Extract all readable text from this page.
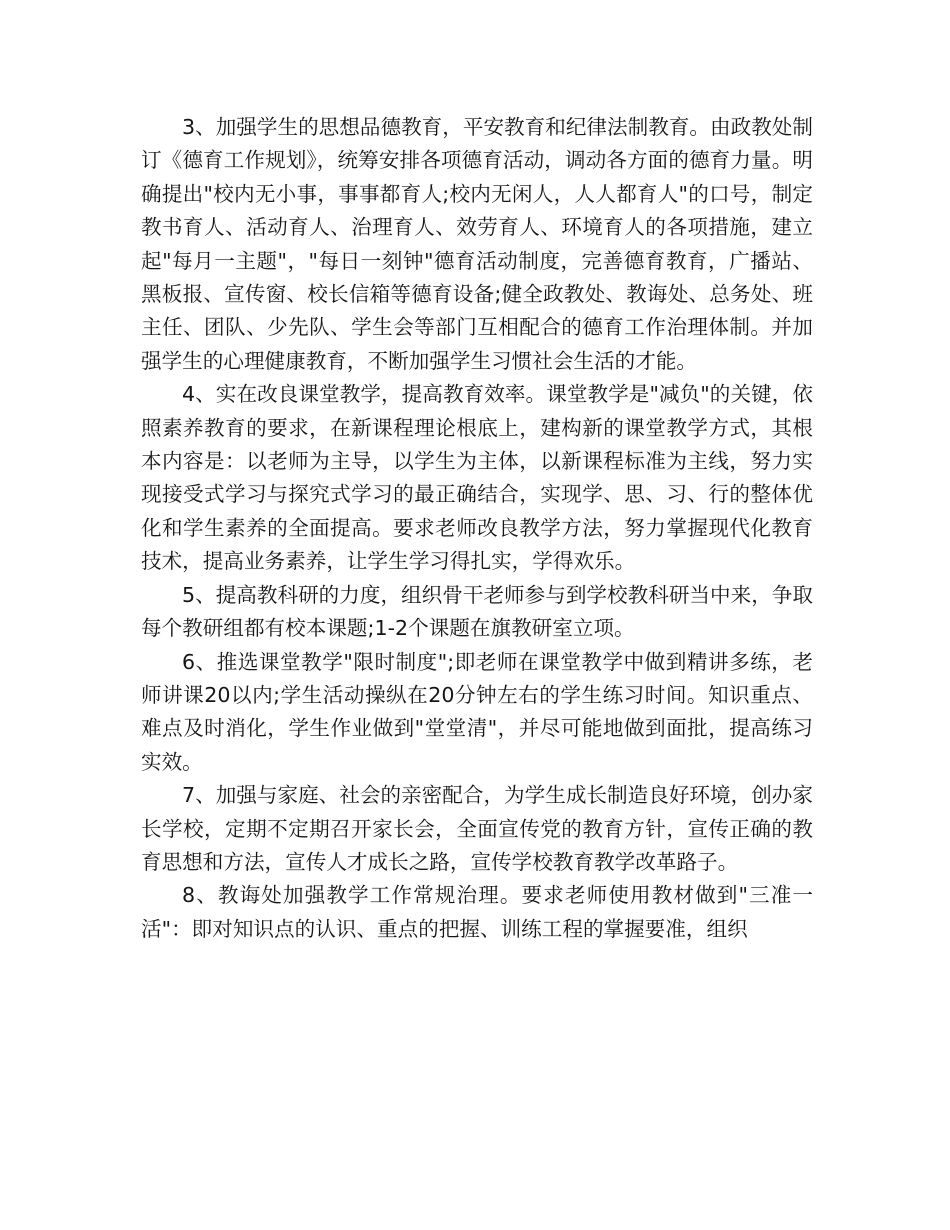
3、加强学生的思想品德教育，平安教育和纪律法制教育。由政教处制订《德育工作规划》，统筹安排各项德育活动，调动各方面的德育力量。明确提出"校内无小事，事事都育人;校内无闲人，人人都育人"的口号，制定教书育人、活动育人、治理育人、效劳育人、环境育人的各项措施，建立起"每月一主题"，"每日一刻钟"德育活动制度，完善德育教育，广播站、黑板报、宣传窗、校长信箱等德育设备;健全政教处、教诲处、总务处、班主任、团队、少先队、学生会等部门互相配合的德育工作治理体制。并加强学生的心理健康教育，不断加强学生习惯社会生活的才能。

4、实在改良课堂教学，提高教育效率。课堂教学是"减负"的关键，依照素养教育的要求，在新课程理论根底上，建构新的课堂教学方式，其根本内容是：以老师为主导，以学生为主体，以新课程标准为主线，努力实现接受式学习与探究式学习的最正确结合，实现学、思、习、行的整体优化和学生素养的全面提高。要求老师改良教学方法，努力掌握现代化教育技术，提高业务素养，让学生学习得扎实，学得欢乐。

5、提高教科研的力度，组织骨干老师参与到学校教科研当中来，争取每个教研组都有校本课题;1-2个课题在旗教研室立项。

6、推选课堂教学"限时制度";即老师在课堂教学中做到精讲多练，老师讲课20以内;学生活动操纵在20分钟左右的学生练习时间。知识重点、难点及时消化，学生作业做到"堂堂清"，并尽可能地做到面批，提高练习实效。

7、加强与家庭、社会的亲密配合，为学生成长制造良好环境，创办家长学校，定期不定期召开家长会，全面宣传党的教育方针，宣传正确的教育思想和方法，宣传人才成长之路，宣传学校教育教学改革路子。

8、教诲处加强教学工作常规治理。要求老师使用教材做到"三准一活"：即对知识点的认识、重点的把握、训练工程的掌握要准，组织
